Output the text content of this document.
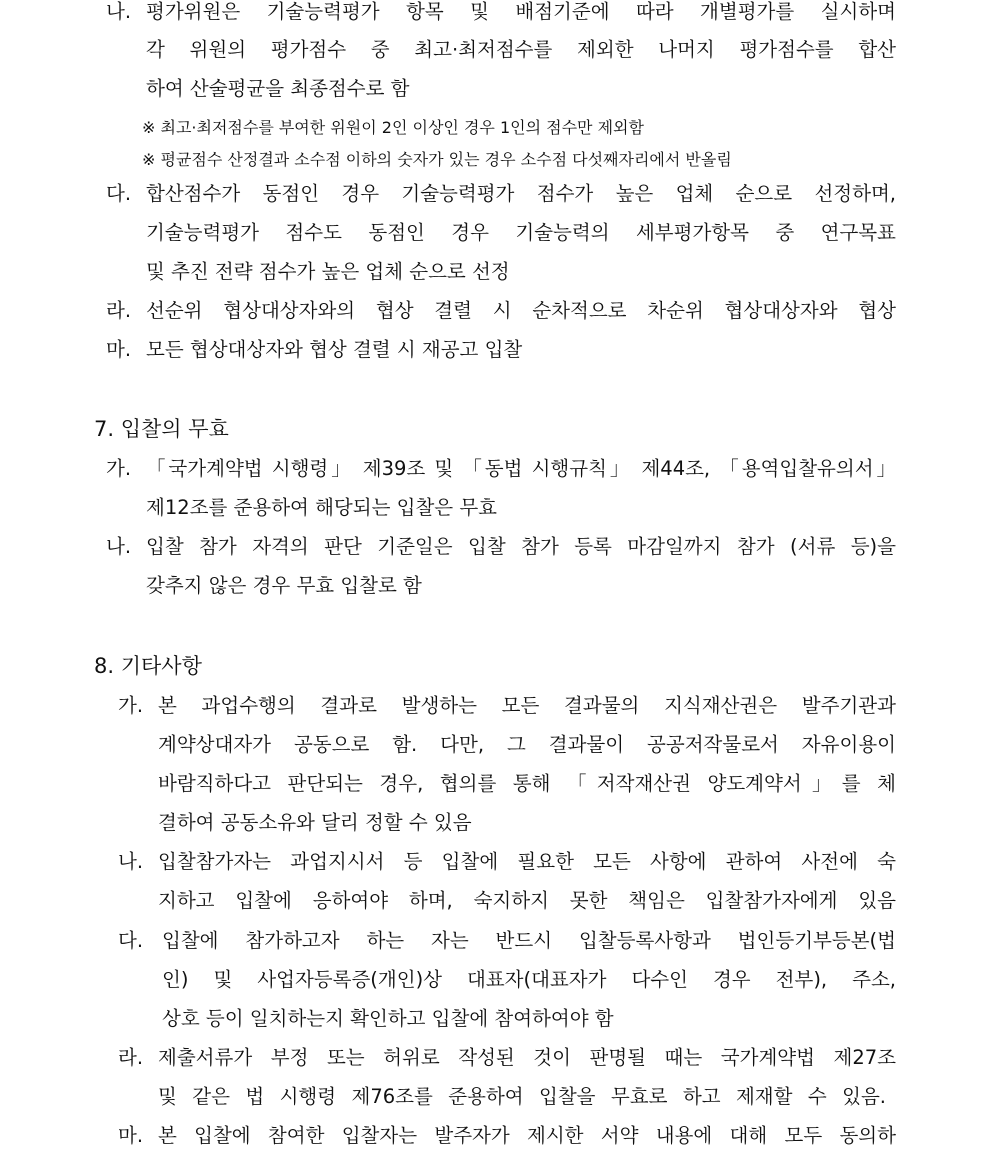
나. 평가위원은 기술능력평가 항목 및 배점기준에 따라 개별평가를 실시하며
각 위원의 평가점수 중 최고·최저점수를 제외한 나머지 평가점수를 합산
하여 산술평균을 최종점수로 함
※ 최고·최저점수를 부여한 위원이 2인 이상인 경우 1인의 점수만 제외함
※ 평균점수 산정결과 소수점 이하의 숫자가 있는 경우 소수점 다섯째자리에서 반올림
다. 합산점수가 동점인 경우 기술능력평가 점수가 높은 업체 순으로 선정하며,
기술능력평가 점수도 동점인 경우 기술능력의 세부평가항목 중 연구목표
및 추진 전략 점수가 높은 업체 순으로 선정
라. 선순위 협상대상자와의 협상 결렬 시 순차적으로 차순위 협상대상자와 협상
마. 모든 협상대상자와 협상 결렬 시 재공고 입찰
7. 입찰의 무효
가. 「국가계약법 시행령」 제39조 및 「동법 시행규칙」 제44조, 「용역입찰유의서」
제12조를 준용하여 해당되는 입찰은 무효
나. 입찰 참가 자격의 판단 기준일은 입찰 참가 등록 마감일까지 참가 (서류 등)을
갖추지 않은 경우 무효 입찰로 함
8. 기타사항
가. 본 과업수행의 결과로 발생하는 모든 결과물의 지식재산권은 발주기관과
계약상대자가 공동으로 함. 다만, 그 결과물이 공공저작물로서 자유이용이
바람직하다고 판단되는 경우, 협의를 통해 「저작재산권 양도계약서」를 체
결하여 공동소유와 달리 정할 수 있음
나. 입찰참가자는 과업지시서 등 입찰에 필요한 모든 사항에 관하여 사전에 숙
지하고 입찰에 응하여야 하며, 숙지하지 못한 책임은 입찰참가자에게 있음
다. 입찰에 참가하고자 하는 자는 반드시 입찰등록사항과 법인등기부등본(법
인) 및 사업자등록증(개인)상 대표자(대표자가 다수인 경우 전부), 주소,
상호 등이 일치하는지 확인하고 입찰에 참여하여야 함
라. 제출서류가 부정 또는 허위로 작성된 것이 판명될 때는 국가계약법 제27조
및 같은 법 시행령 제76조를 준용하여 입찰을 무효로 하고 제재할 수 있음.
마. 본 입찰에 참여한 입찰자는 발주자가 제시한 서약 내용에 대해 모두 동의하
